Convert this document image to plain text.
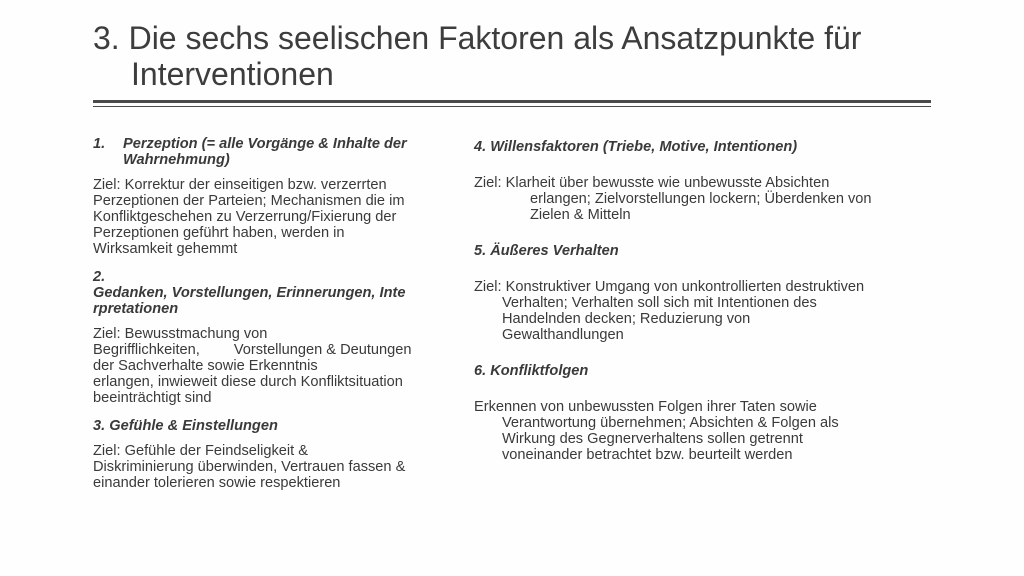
3. Die sechs seelischen Faktoren als Ansatzpunkte für
Interventionen
1. Perzeption (= alle Vorgänge & Inhalte der
Wahrnehmung)
Ziel: Korrektur der einseitigen bzw. verzerrten
Perzeptionen der Parteien; Mechanismen die im
Konfliktgeschehen zu Verzerrung/Fixierung der
Perzeptionen geführt haben, werden in
Wirksamkeit gehemmt
2.
Gedanken, Vorstellungen, Erinnerungen, Inte
rpretationen
Ziel: Bewusstmachung von
Begrifflichkeiten, Vorstellungen & Deutungen
der Sachverhalte sowie Erkenntnis
erlangen, inwieweit diese durch Konfliktsituation
beeinträchtigt sind
3. Gefühle & Einstellungen
Ziel: Gefühle der Feindseligkeit &
Diskriminierung überwinden, Vertrauen fassen &
einander tolerieren sowie respektieren
4. Willensfaktoren (Triebe, Motive, Intentionen)
Ziel: Klarheit über bewusste wie unbewusste Absichten
erlangen; Zielvorstellungen lockern; Überdenken von
Zielen & Mitteln
5. Äußeres Verhalten
Ziel: Konstruktiver Umgang von unkontrollierten destruktiven
Verhalten; Verhalten soll sich mit Intentionen des
Handelnden decken; Reduzierung von
Gewalthandlungen
6. Konfliktfolgen
Erkennen von unbewussten Folgen ihrer Taten sowie
Verantwortung übernehmen; Absichten & Folgen als
Wirkung des Gegnerverhaltens sollen getrennt
voneinander betrachtet bzw. beurteilt werden
